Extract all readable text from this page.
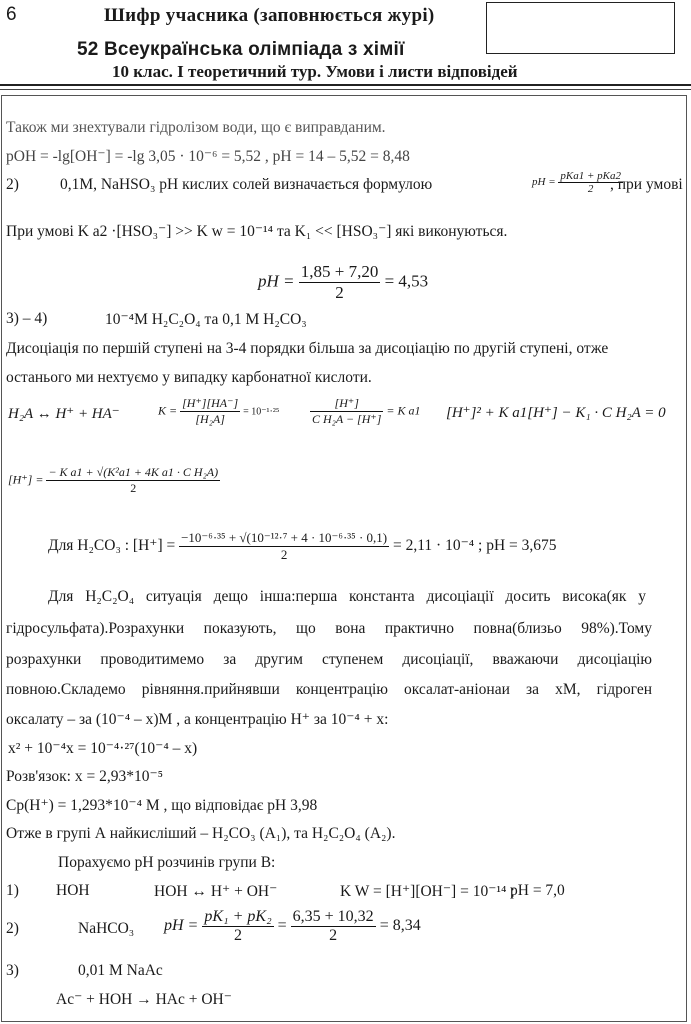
6	Шифр учасника (заповнюється журі)
52 Всеукраїнська олімпіада з хімії
10 клас. І теоретичний тур. Умови і листи відповідей
Також ми знехтували гідролізом води, що є виправданим.
pOH = -lg[OH⁻] = -lg 3,05 · 10⁻⁶ = 5,52 , pH = 14 – 5,52 = 8,48
2)	0,1M, NaHSO₃ pH кислих солей визначається формулою	pH = $\frac{\text{pKa1 + pKa2}}{2}$
, при умові
При умові K a2 ·[HSO₃⁻] >> K w = 10⁻¹⁴ та K₁ << [HSO₃⁻] які виконуються.
pH = $\frac{1,85 + 7,20}{2} = 4,53$
3) – 4)	10⁻⁴M H₂C₂O₄ та 0,1 M H₂CO₃
Дисоціація по першій ступені на 3-4 порядки більша за дисоціацію по другій ступені, отже
останього ми нехтуємо у випадку карбонатної кислоти.
H₂A ↔ H⁺ + HA⁻	$K = \frac{[H^+][HA^-]}{\text{[H₂A]}} = 10^{-1}\cdot^{25}$	$\frac{[H^+]}{\text{C H₂A − [H⁺]}} = K$ a1 [H⁺]² + K a1[H⁺] − K₁ · C H₂A = 0
$[H^+] = \frac{\text{− K a1 + √(K²a1 + 4K a1 · C H₂A)}}{2}$
Для H₂CO₃ : $[H^+] = \frac{\text{−10⁻⁶·³⁵ + √(10⁻¹²·⁷ + 4 · 10⁻⁶·³⁵ · 0,1)}}{2} = 2,11 \cdot 10^{-4}$ ; pH = 3,675
Для H₂C₂O₄ ситуація дещо інша:перша константа дисоціації досить висока(як у
гідросульфата).Розрахунки показують, що вона практично повна(близьо 98%).Тому
розрахунки проводитимемо за другим ступенем дисоціації, вважаючи дисоціацію
повною.Складемо рівняння.прийнявши концентрацію оксалат-аніонаи за xM, гідроген
оксалату – за (10⁻⁴ – x)M , а концентрацію H⁺ за 10⁻⁴ + x:
x² + 10⁻⁴x = 10⁻⁴·²⁷(10⁻⁴ – x)
Розв'язок: x = 2,93*10⁻⁵
Cp(H⁺) = 1,293*10⁻⁴ M , що відповідає pH 3,98
Отже в групі А найкисліший – H₂CO₃ (A₁), та H₂C₂O₄ (A₂).
Порахуємо pH розчинів групи B:
1) HOH	HOH ↔ H⁺ + OH⁻	K W = [H⁺][OH⁻] = 10⁻¹⁴ ;
pH = 7,0
2)	NaHCO₃ pH = $\frac{\text{pK₁ + pK₂}}{2} = \frac{6,35 + 10,32}{2} = 8,34$
3)	0,01 M NaAc
Ac⁻ + HOH → HAc + OH⁻
